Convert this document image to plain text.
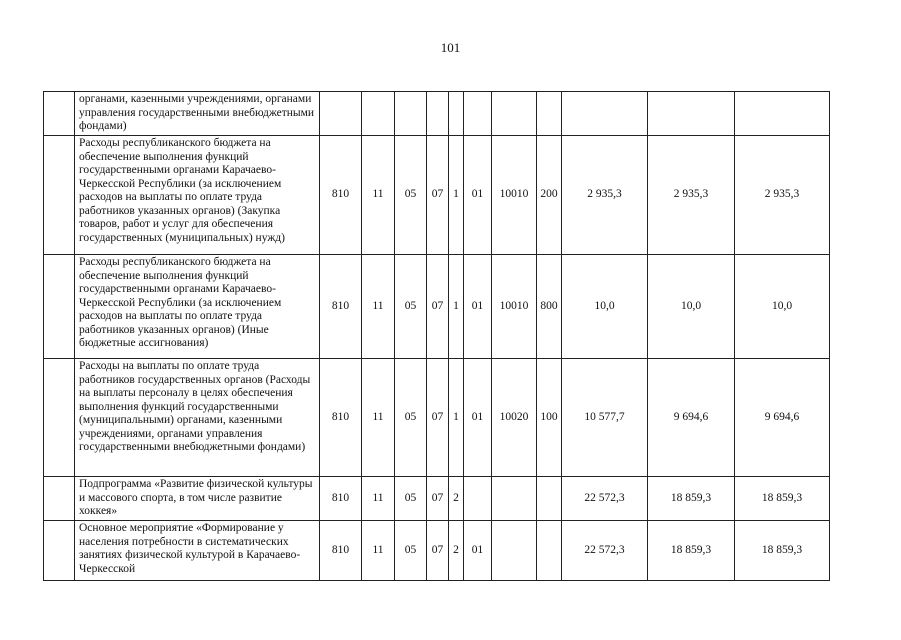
101
	органами, казенными учреждениями, органами управления государственными внебюджетными фондами)											
	Расходы республиканского бюджета на обеспечение выполнения функций государственными органами Карачаево-Черкесской Республики (за исключением расходов на выплаты по оплате труда работников указанных органов) (Закупка товаров, работ и услуг для обеспечения государственных (муниципальных) нужд)	810	11	05	07	1	01	10010	200	2 935,3	2 935,3	2 935,3
	Расходы республиканского бюджета на обеспечение выполнения функций государственными органами Карачаево-Черкесской Республики (за исключением расходов на выплаты по оплате труда работников указанных органов) (Иные бюджетные ассигнования)	810	11	05	07	1	01	10010	800	10,0	10,0	10,0
	Расходы на выплаты по оплате труда работников государственных органов (Расходы на выплаты персоналу в целях обеспечения выполнения функций государственными (муниципальными) органами, казенными учреждениями, органами управления государственными внебюджетными фондами)	810	11	05	07	1	01	10020	100	10 577,7	9 694,6	9 694,6
	Подпрограмма «Развитие физической культуры и массового спорта, в том числе развитие хоккея»	810	11	05	07	2				22 572,3	18 859,3	18 859,3
	Основное мероприятие «Формирование у населения потребности в систематических занятиях физической культурой в Карачаево-Черкесской	810	11	05	07	2	01			22 572,3	18 859,3	18 859,3
